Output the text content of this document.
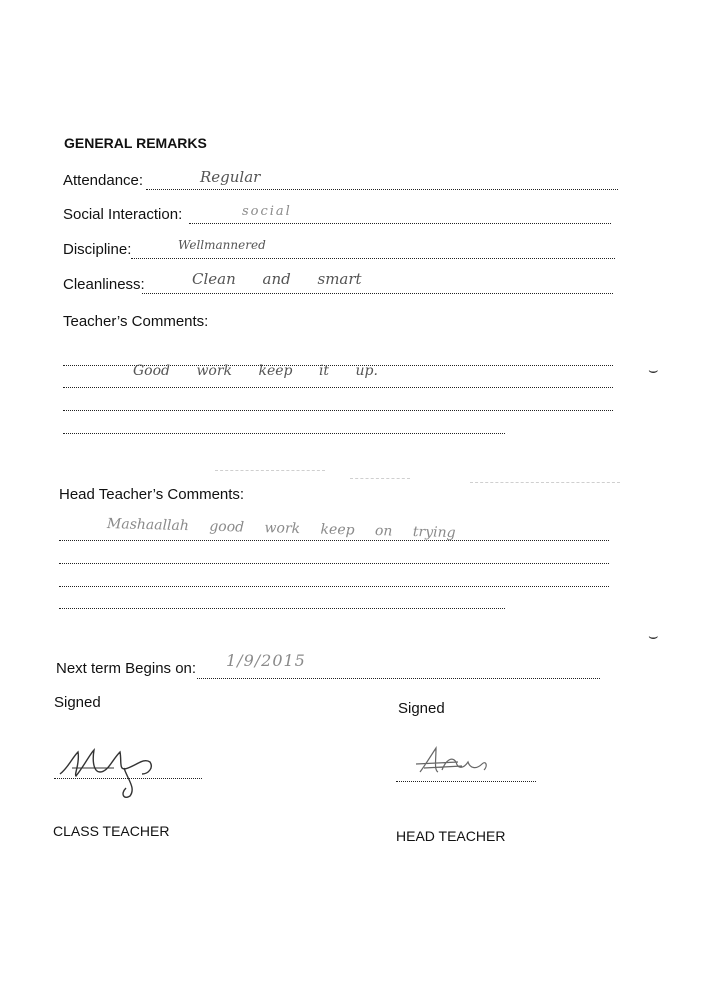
GENERAL REMARKS
Attendance:	Regular
Social Interaction:	social
Discipline:	Wellmannered
Cleanliness:	Clean and smart
Teacher’s Comments:
Good work keep it up.	⌣
⌣
Head Teacher’s Comments:
Mashaallah good work keep on trying
Next term Begins on: 1/9/2015
Signed	Signed
CLASS TEACHER	HEAD TEACHER
